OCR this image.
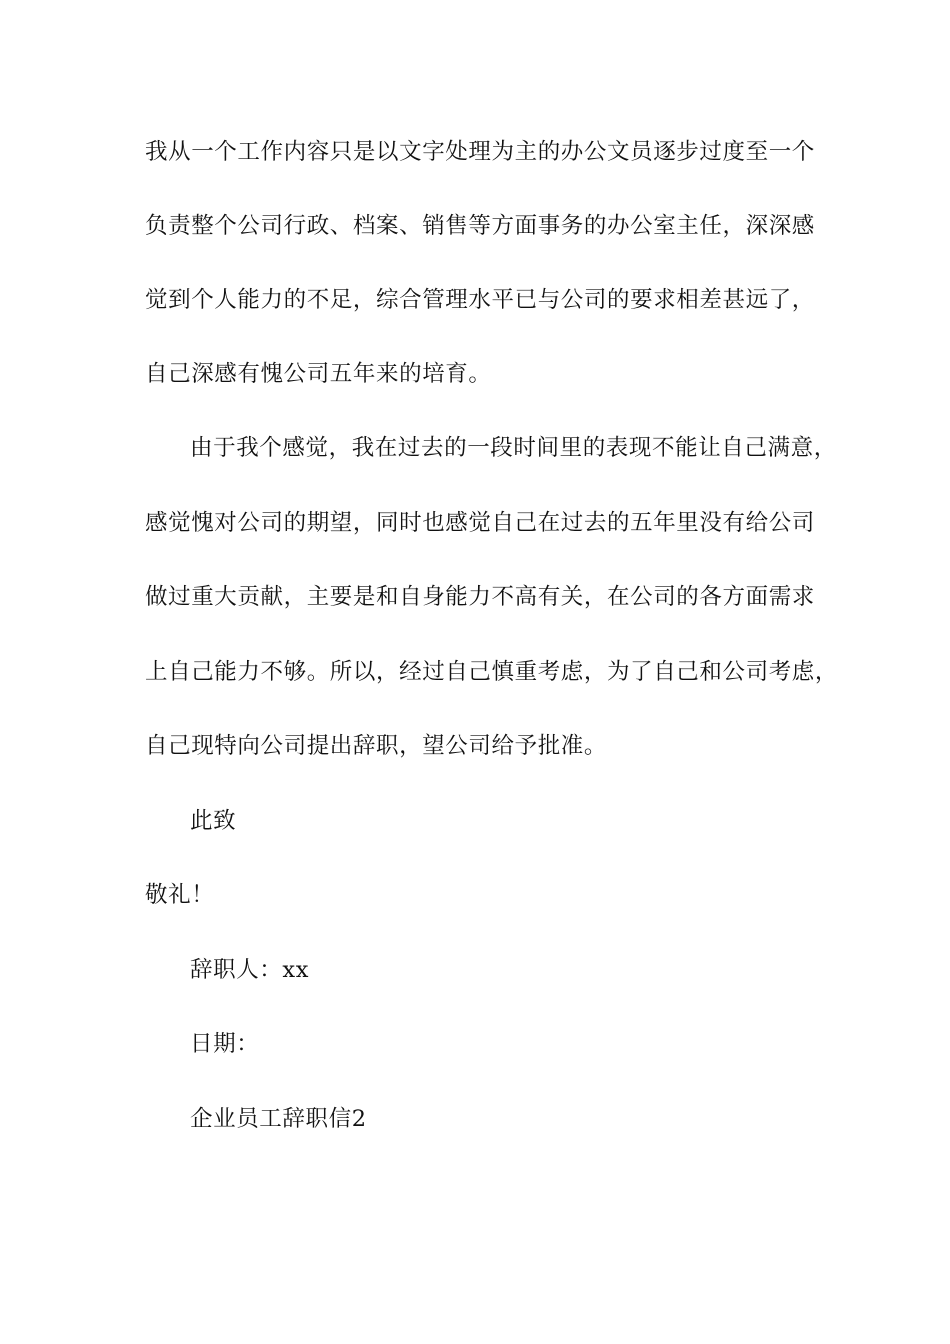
我从一个工作内容只是以文字处理为主的办公文员逐步过度至一个
负责整个公司行政、档案、销售等方面事务的办公室主任，深深感
觉到个人能力的不足，综合管理水平已与公司的要求相差甚远了，
自己深感有愧公司五年来的培育。
由于我个感觉，我在过去的一段时间里的表现不能让自己满意，
感觉愧对公司的期望，同时也感觉自己在过去的五年里没有给公司
做过重大贡献，主要是和自身能力不高有关，在公司的各方面需求
上自己能力不够。所以，经过自己慎重考虑，为了自己和公司考虑，
自己现特向公司提出辞职，望公司给予批准。
此致
敬礼！
辞职人：xx
日期：
企业员工辞职信2
